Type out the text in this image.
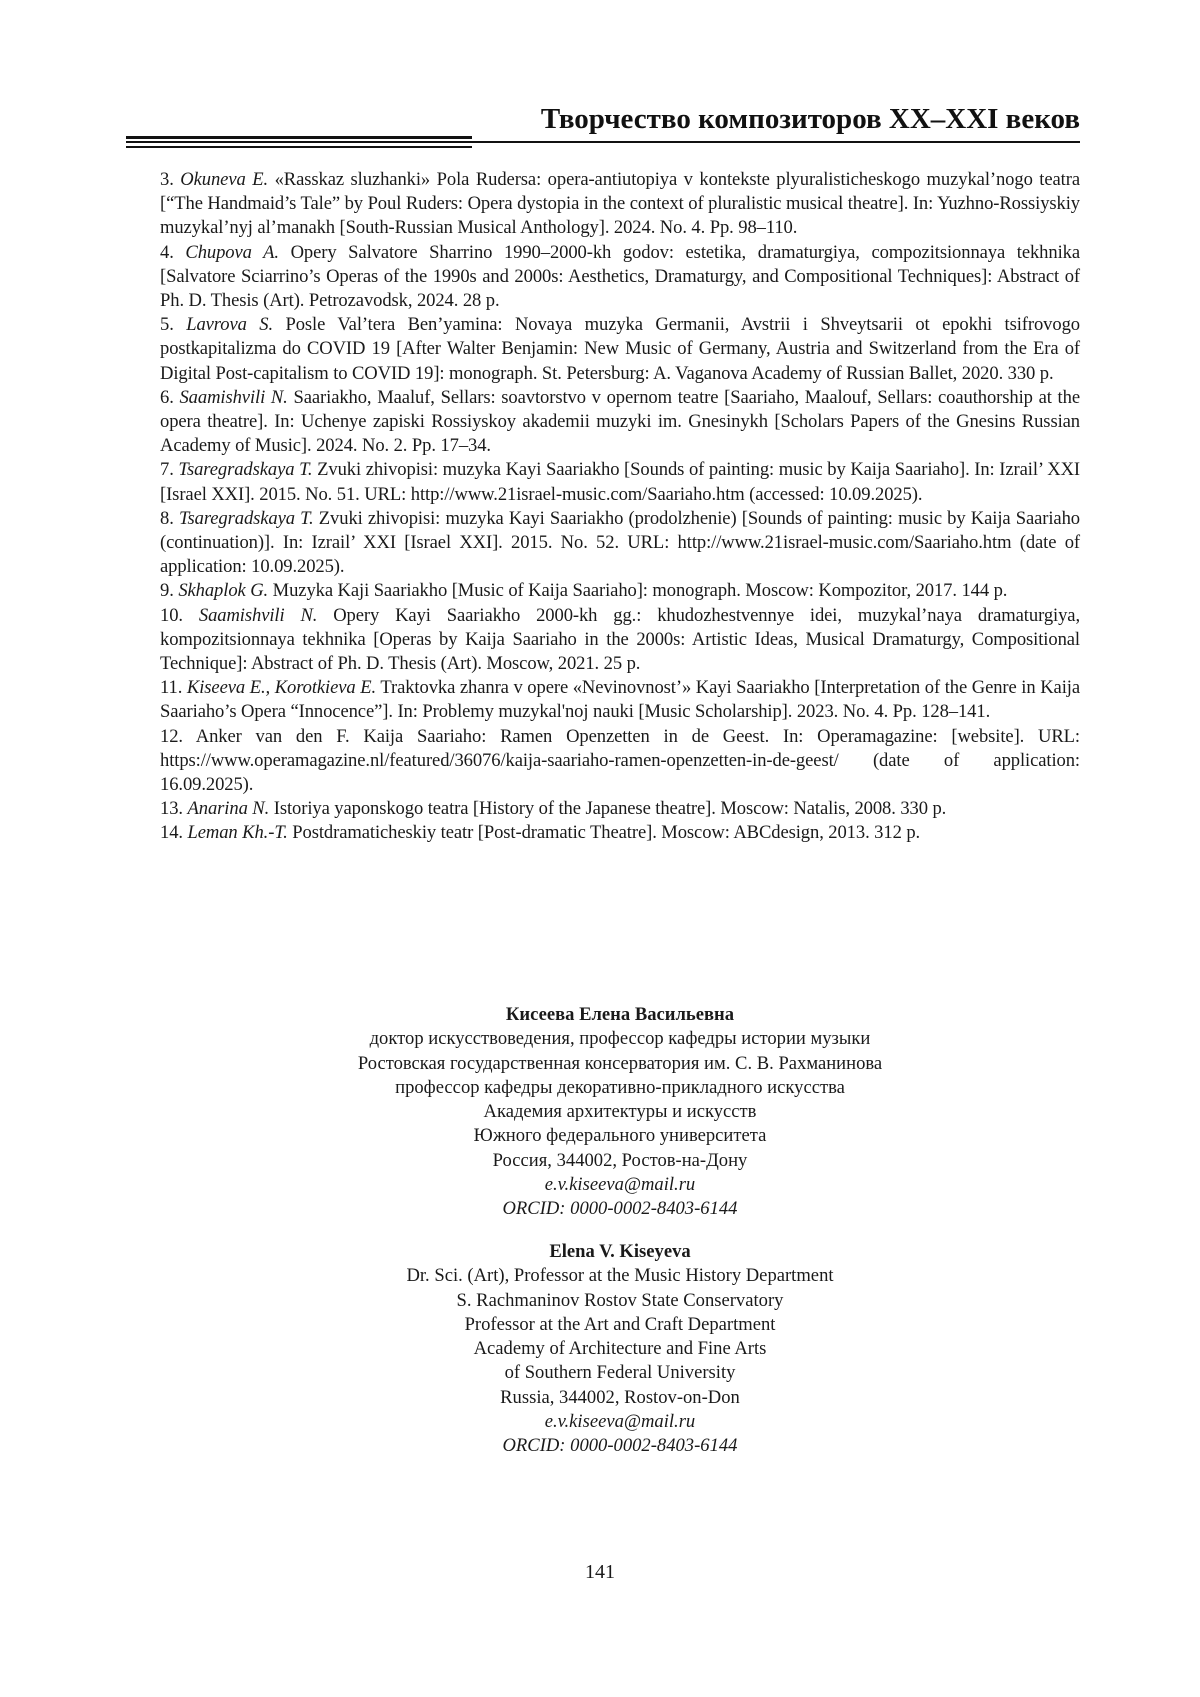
Творчество композиторов XX–XXI веков

3. Okuneva E. «Rasskaz sluzhanki» Pola Rudersa: opera-antiutopiya v kontekste plyuralisticheskogo muzykal’nogo teatra [“The Handmaid’s Tale” by Poul Ruders: Opera dystopia in the context of pluralistic musical theatre]. In: Yuzhno-Rossiyskiy muzykal’nyj al’manakh [South-Russian Musical Anthology]. 2024. No. 4. Pp. 98–110.

4. Chupova A. Opery Salvatore Sharrino 1990–2000-kh godov: estetika, dramaturgiya, compozitsionnaya tekhnika [Salvatore Sciarrino’s Operas of the 1990s and 2000s: Aesthetics, Dramaturgy, and Compositional Techniques]: Abstract of Ph. D. Thesis (Art). Petrozavodsk, 2024. 28 p.

5. Lavrova S. Posle Val’tera Ben’yamina: Novaya muzyka Germanii, Avstrii i Shveytsarii ot epokhi tsifrovogo postkapitalizma do COVID 19 [After Walter Benjamin: New Music of Germany, Austria and Switzerland from the Era of Digital Post-capitalism to COVID 19]: monograph. St. Petersburg: A. Vaganova Academy of Russian Ballet, 2020. 330 p.

6. Saamishvili N. Saariakho, Maaluf, Sellars: soavtorstvo v opernom teatre [Saariaho, Maalouf, Sellars: coauthorship at the opera theatre]. In: Uchenye zapiski Rossiyskoy akademii muzyki im. Gnesinykh [Scholars Papers of the Gnesins Russian Academy of Music]. 2024. No. 2. Pp. 17–34.

7. Tsaregradskaya T. Zvuki zhivopisi: muzyka Kayi Saariakho [Sounds of painting: music by Kaija Saariaho]. In: Izrail’ XXI [Israel XXI]. 2015. No. 51. URL: http://www.21israel-music.com/Saariaho.htm (accessed: 10.09.2025).

8. Tsaregradskaya T. Zvuki zhivopisi: muzyka Kayi Saariakho (prodolzhenie) [Sounds of painting: music by Kaija Saariaho (continuation)]. In: Izrail’ XXI [Israel XXI]. 2015. No. 52. URL: http://www.21israel-music.com/Saariaho.htm (date of application: 10.09.2025).

9. Skhaplok G. Muzyka Kaji Saariakho [Music of Kaija Saariaho]: monograph. Moscow: Kompozitor, 2017. 144 p.

10. Saamishvili N. Opery Kayi Saariakho 2000-kh gg.: khudozhestvennye idei, muzykal’naya dramaturgiya, kompozitsionnaya tekhnika [Operas by Kaija Saariaho in the 2000s: Artistic Ideas, Musical Dramaturgy, Compositional Technique]: Abstract of Ph. D. Thesis (Art). Moscow, 2021. 25 p.

11. Kiseeva E., Korotkieva E. Traktovka zhanra v opere «Nevinovnost’» Kayi Saariakho [Interpretation of the Genre in Kaija Saariaho’s Opera “Innocence”]. In: Problemy muzykal'noj nauki [Music Scholarship]. 2023. No. 4. Pp. 128–141.

12. Anker van den F. Kaija Saariaho: Ramen Openzetten in de Geest. In: Operamagazine: [website]. URL: https://www.operamagazine.nl/featured/36076/kaija-saariaho-ramen-openzetten-in-de-geest/ (date of application: 16.09.2025).

13. Anarina N. Istoriya yaponskogo teatra [History of the Japanese theatre]. Moscow: Natalis, 2008. 330 p.

14. Leman Kh.-T. Postdramaticheskiy teatr [Post-dramatic Theatre]. Moscow: ABCdesign, 2013. 312 p.

Кисеева Елена Васильевна
доктор искусствоведения, профессор кафедры истории музыки
Ростовская государственная консерватория им. С. В. Рахманинова
профессор кафедры декоративно-прикладного искусства
Академия архитектуры и искусств
Южного федерального университета
Россия, 344002, Ростов-на-Дону
e.v.kiseeva@mail.ru
ORCID: 0000-0002-8403-6144
Elena V. Kiseyeva
Dr. Sci. (Art), Professor at the Music History Department
S. Rachmaninov Rostov State Conservatory
Professor at the Art and Craft Department
Academy of Architecture and Fine Arts
of Southern Federal University
Russia, 344002, Rostov-on-Don
e.v.kiseeva@mail.ru
ORCID: 0000-0002-8403-6144
141
